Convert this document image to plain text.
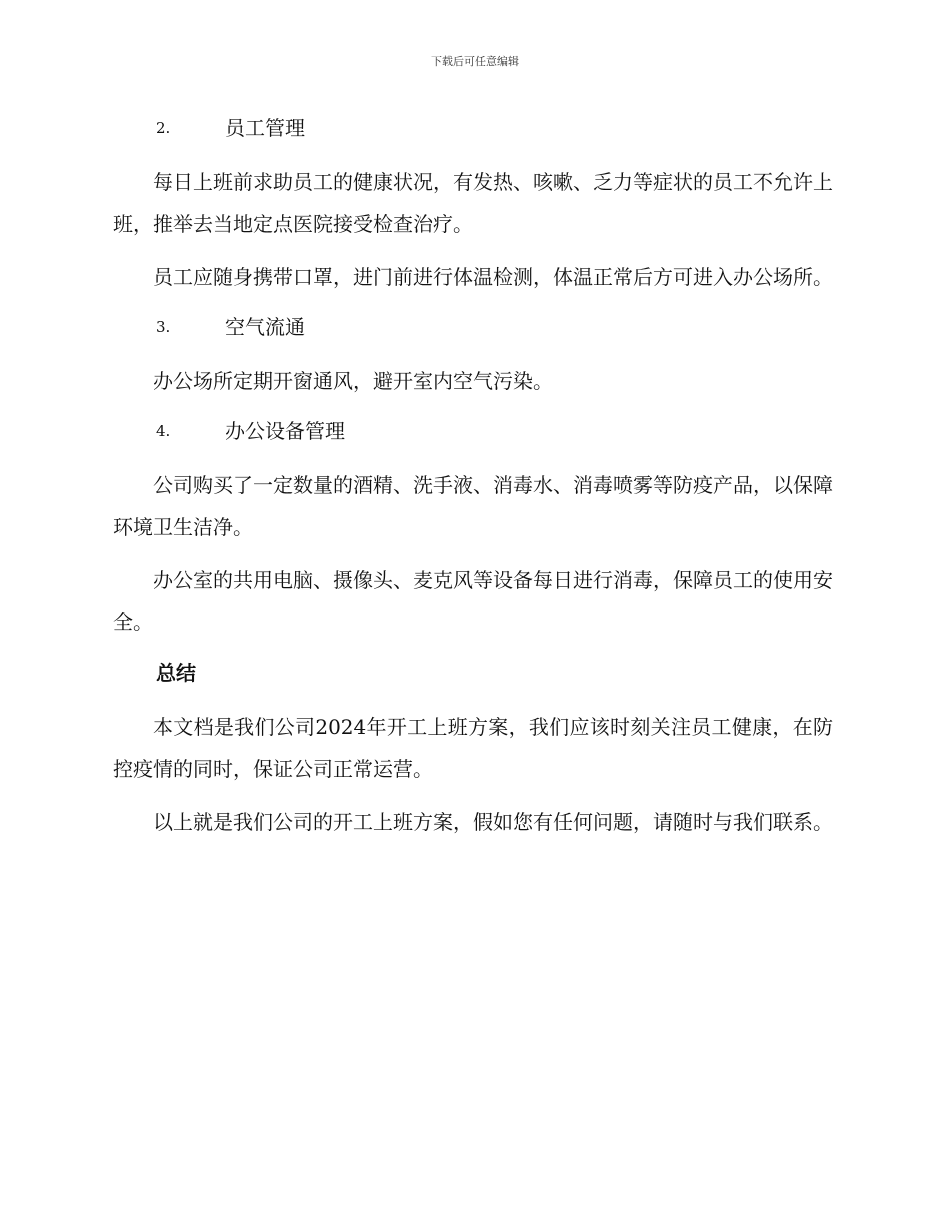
下载后可任意编辑
2.	员工管理

每日上班前求助员工的健康状况，有发热、咳嗽、乏力等症状的员工不允许上班，推举去当地定点医院接受检查治疗。

员工应随身携带口罩，进门前进行体温检测，体温正常后方可进入办公场所。

3.	空气流通

办公场所定期开窗通风，避开室内空气污染。

4.	办公设备管理

公司购买了一定数量的酒精、洗手液、消毒水、消毒喷雾等防疫产品，以保障环境卫生洁净。

办公室的共用电脑、摄像头、麦克风等设备每日进行消毒，保障员工的使用安全。

总结

本文档是我们公司2024年开工上班方案，我们应该时刻关注员工健康，在防控疫情的同时，保证公司正常运营。

以上就是我们公司的开工上班方案，假如您有任何问题，请随时与我们联系。
